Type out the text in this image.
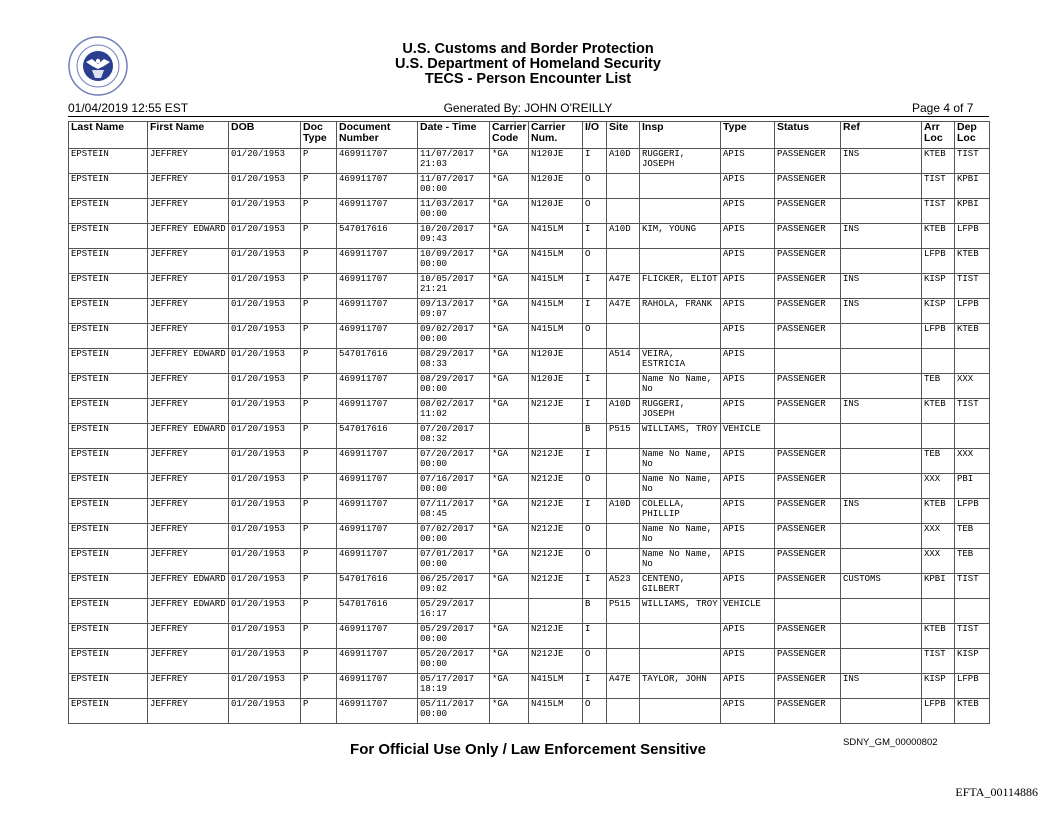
U.S. Customs and Border Protection
U.S. Department of Homeland Security
TECS - Person Encounter List
01/04/2019 12:55 EST	Generated By: JOHN O'REILLY	Page 4 of 7
Last Name	First Name	DOB	Doc Type	Document Number	Date - Time	Carrier Code	Carrier Num.	I/O	Site	Insp	Type	Status	Ref	Arr Loc	Dep Loc
EPSTEIN	JEFFREY	01/20/1953	P	469911707	11/07/2017 21:03	*GA	N120JE	I	A10D	RUGGERI, JOSEPH	APIS	PASSENGER	INS	KTEB	TIST
EPSTEIN	JEFFREY	01/20/1953	P	469911707	11/07/2017 00:00	*GA	N120JE	O			APIS	PASSENGER		TIST	KPBI
EPSTEIN	JEFFREY	01/20/1953	P	469911707	11/03/2017 00:00	*GA	N120JE	O			APIS	PASSENGER		TIST	KPBI
EPSTEIN	JEFFREY EDWARD	01/20/1953	P	547017616	10/20/2017 09:43	*GA	N415LM	I	A10D	KIM, YOUNG	APIS	PASSENGER	INS	KTEB	LFPB
EPSTEIN	JEFFREY	01/20/1953	P	469911707	10/09/2017 00:00	*GA	N415LM	O			APIS	PASSENGER		LFPB	KTEB
EPSTEIN	JEFFREY	01/20/1953	P	469911707	10/05/2017 21:21	*GA	N415LM	I	A47E	FLICKER, ELIOT	APIS	PASSENGER	INS	KISP	TIST
EPSTEIN	JEFFREY	01/20/1953	P	469911707	09/13/2017 09:07	*GA	N415LM	I	A47E	RAHOLA, FRANK	APIS	PASSENGER	INS	KISP	LFPB
EPSTEIN	JEFFREY	01/20/1953	P	469911707	09/02/2017 00:00	*GA	N415LM	O			APIS	PASSENGER		LFPB	KTEB
EPSTEIN	JEFFREY EDWARD	01/20/1953	P	547017616	08/29/2017 08:33	*GA	N120JE		A514	VEIRA, ESTRICIA	APIS				
EPSTEIN	JEFFREY	01/20/1953	P	469911707	08/29/2017 00:00	*GA	N120JE	I		Name No Name, No	APIS	PASSENGER		TEB	XXX
EPSTEIN	JEFFREY	01/20/1953	P	469911707	08/02/2017 11:02	*GA	N212JE	I	A10D	RUGGERI, JOSEPH	APIS	PASSENGER	INS	KTEB	TIST
EPSTEIN	JEFFREY EDWARD	01/20/1953	P	547017616	07/20/2017 08:32			B	P515	WILLIAMS, TROY	VEHICLE				
EPSTEIN	JEFFREY	01/20/1953	P	469911707	07/20/2017 00:00	*GA	N212JE	I		Name No Name, No	APIS	PASSENGER		TEB	XXX
EPSTEIN	JEFFREY	01/20/1953	P	469911707	07/16/2017 00:00	*GA	N212JE	O		Name No Name, No	APIS	PASSENGER		XXX	PBI
EPSTEIN	JEFFREY	01/20/1953	P	469911707	07/11/2017 08:45	*GA	N212JE	I	A10D	COLELLA, PHILLIP	APIS	PASSENGER	INS	KTEB	LFPB
EPSTEIN	JEFFREY	01/20/1953	P	469911707	07/02/2017 00:00	*GA	N212JE	O		Name No Name, No	APIS	PASSENGER		XXX	TEB
EPSTEIN	JEFFREY	01/20/1953	P	469911707	07/01/2017 00:00	*GA	N212JE	O		Name No Name, No	APIS	PASSENGER		XXX	TEB
EPSTEIN	JEFFREY EDWARD	01/20/1953	P	547017616	06/25/2017 09:02	*GA	N212JE	I	A523	CENTENO, GILBERT	APIS	PASSENGER	CUSTOMS	KPBI	TIST
EPSTEIN	JEFFREY EDWARD	01/20/1953	P	547017616	05/29/2017 16:17			B	P515	WILLIAMS, TROY	VEHICLE				
EPSTEIN	JEFFREY	01/20/1953	P	469911707	05/29/2017 00:00	*GA	N212JE	I			APIS	PASSENGER		KTEB	TIST
EPSTEIN	JEFFREY	01/20/1953	P	469911707	05/20/2017 00:00	*GA	N212JE	O			APIS	PASSENGER		TIST	KISP
EPSTEIN	JEFFREY	01/20/1953	P	469911707	05/17/2017 18:19	*GA	N415LM	I	A47E	TAYLOR, JOHN	APIS	PASSENGER	INS	KISP	LFPB
EPSTEIN	JEFFREY	01/20/1953	P	469911707	05/11/2017 00:00	*GA	N415LM	O			APIS	PASSENGER		LFPB	KTEB
For Official Use Only / Law Enforcement Sensitive	SDNY_GM_00000802
EFTA_00114886
